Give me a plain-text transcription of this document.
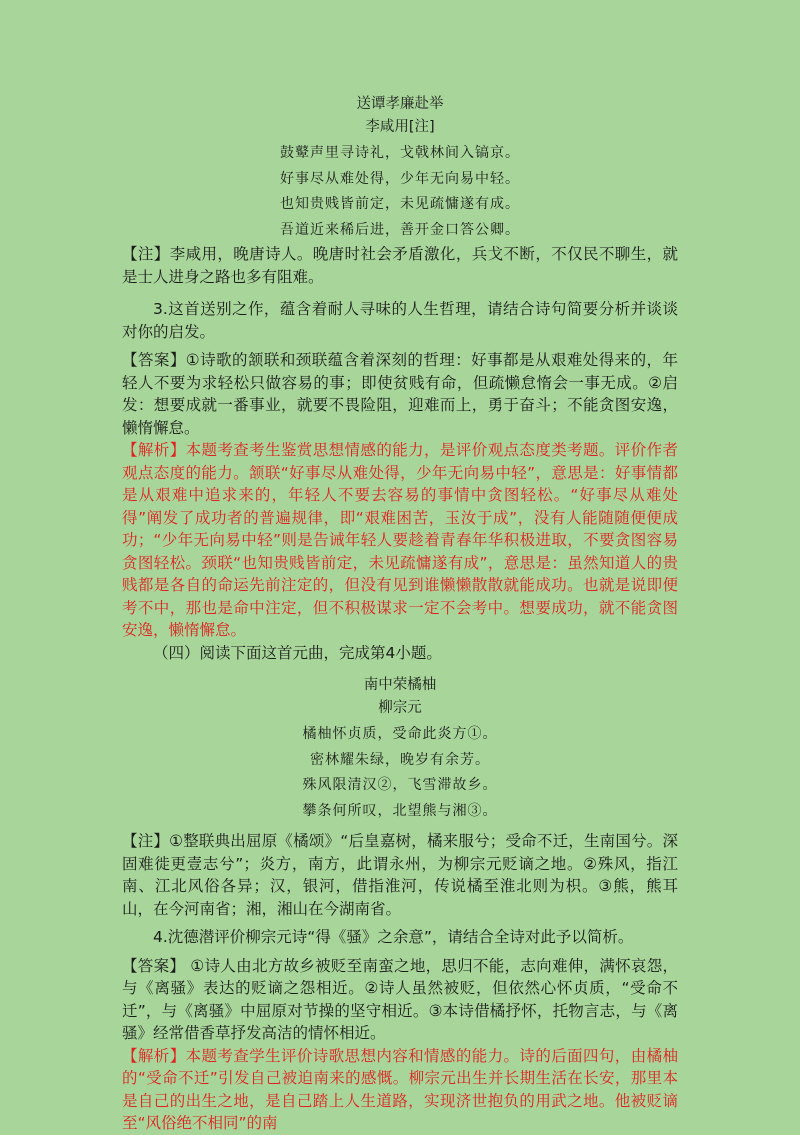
送谭孝廉赴举
李咸用[注]
鼓鼙声里寻诗礼，戈戟林间入镐京。
好事尽从难处得，少年无向易中轻。
也知贵贱皆前定，未见疏慵遂有成。
吾道近来稀后进，善开金口答公卿。

【注】李咸用，晚唐诗人。晚唐时社会矛盾激化，兵戈不断，不仅民不聊生，就是士人进身之路也多有阻难。

3.这首送别之作，蕴含着耐人寻味的人生哲理，请结合诗句简要分析并谈谈对你的启发。

【答案】①诗歌的颔联和颈联蕴含着深刻的哲理：好事都是从艰难处得来的，年轻人不要为求轻松只做容易的事；即使贫贱有命，但疏懒怠惰会一事无成。②启发：想要成就一番事业，就要不畏险阻，迎难而上，勇于奋斗；不能贪图安逸，懒惰懈怠。

【解析】本题考查考生鉴赏思想情感的能力，是评价观点态度类考题。评价作者观点态度的能力。颔联“好事尽从难处得，少年无向易中轻”，意思是：好事情都是从艰难中追求来的，年轻人不要去容易的事情中贪图轻松。“好事尽从难处得”阐发了成功者的普遍规律，即“艰难困苦，玉汝于成”，没有人能随随便便成功；“少年无向易中轻”则是告诫年轻人要趁着青春年华积极进取，不要贪图容易贪图轻松。颈联“也知贵贱皆前定，未见疏慵遂有成”，意思是：虽然知道人的贵贱都是各自的命运先前注定的，但没有见到谁懒懒散散就能成功。也就是说即便考不中，那也是命中注定，但不积极谋求一定不会考中。想要成功，就不能贪图安逸，懒惰懈怠。

（四）阅读下面这首元曲，完成第4小题。

南中荣橘柚
柳宗元
橘柚怀贞质，受命此炎方①。
密林耀朱绿，晚岁有余芳。
殊风限清汉②，飞雪滞故乡。
攀条何所叹，北望熊与湘③。

【注】①整联典出屈原《橘颂》“后皇嘉树，橘来服兮；受命不迁，生南国兮。深固难徙更壹志兮”；炎方，南方，此谓永州，为柳宗元贬谪之地。②殊风，指江南、江北风俗各异；汉，银河，借指淮河，传说橘至淮北则为枳。③熊，熊耳山，在今河南省；湘，湘山在今湖南省。

4.沈德潜评价柳宗元诗“得《骚》之余意”，请结合全诗对此予以简析。

【答案】 ①诗人由北方故乡被贬至南蛮之地，思归不能，志向难伸，满怀哀怨，与《离骚》表达的贬谪之怨相近。②诗人虽然被贬，但依然心怀贞质，“受命不迁”，与《离骚》中屈原对节操的坚守相近。③本诗借橘抒怀，托物言志，与《离骚》经常借香草抒发高洁的情怀相近。

【解析】本题考查学生评价诗歌思想内容和情感的能力。诗的后面四句，由橘柚的“受命不迁”引发自己被迫南来的感慨。柳宗元出生并长期生活在长安，那里本是自己的出生之地，是自己踏上人生道路，实现济世抱负的用武之地。他被贬谪至“风俗绝不相同”的南
